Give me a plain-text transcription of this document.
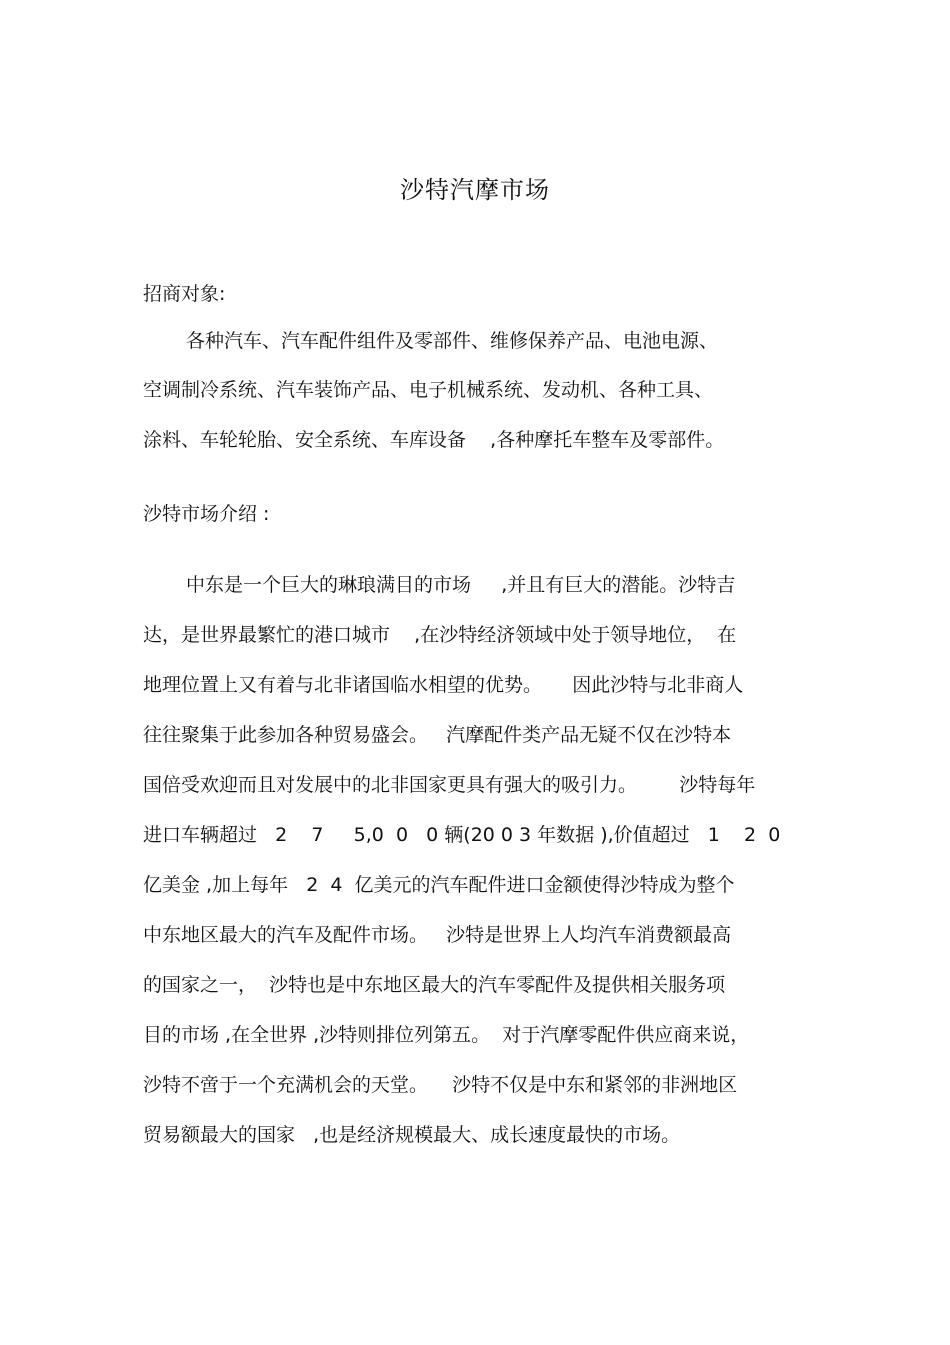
沙特汽摩市场
招商对象:
各种汽车、汽车配件组件及零部件、维修保养产品、电池电源、
空调制冷系统、汽车装饰产品、电子机械系统、发动机、各种工具、
涂料、车轮轮胎、安全系统、车库设备    ,各种摩托车整车及零部件。
沙特市场介绍 :
中东是一个巨大的琳琅满目的市场     ,并且有巨大的潜能。沙特吉
达，是世界最繁忙的港口城市    ,在沙特经济领域中处于领导地位，  在
地理位置上又有着与北非诸国临水相望的优势。     因此沙特与北非商人
往往聚集于此参加各种贸易盛会。   汽摩配件类产品无疑不仅在沙特本
国倍受欢迎而且对发展中的北非国家更具有强大的吸引力。       沙特每年
进口车辆超过   2    7     5,0  0   0 辆(20 0 3 年数据 ),价值超过   1    2  0
亿美金 ,加上每年   2  4  亿美元的汽车配件进口金额使得沙特成为整个
中东地区最大的汽车及配件市场。   沙特是世界上人均汽车消费额最高
的国家之一，  沙特也是中东地区最大的汽车零配件及提供相关服务项
目的市场 ,在全世界 ,沙特则排位列第五。  对于汽摩零配件供应商来说，
沙特不啻于一个充满机会的天堂。    沙特不仅是中东和紧邻的非洲地区
贸易额最大的国家   ,也是经济规模最大、成长速度最快的市场。
